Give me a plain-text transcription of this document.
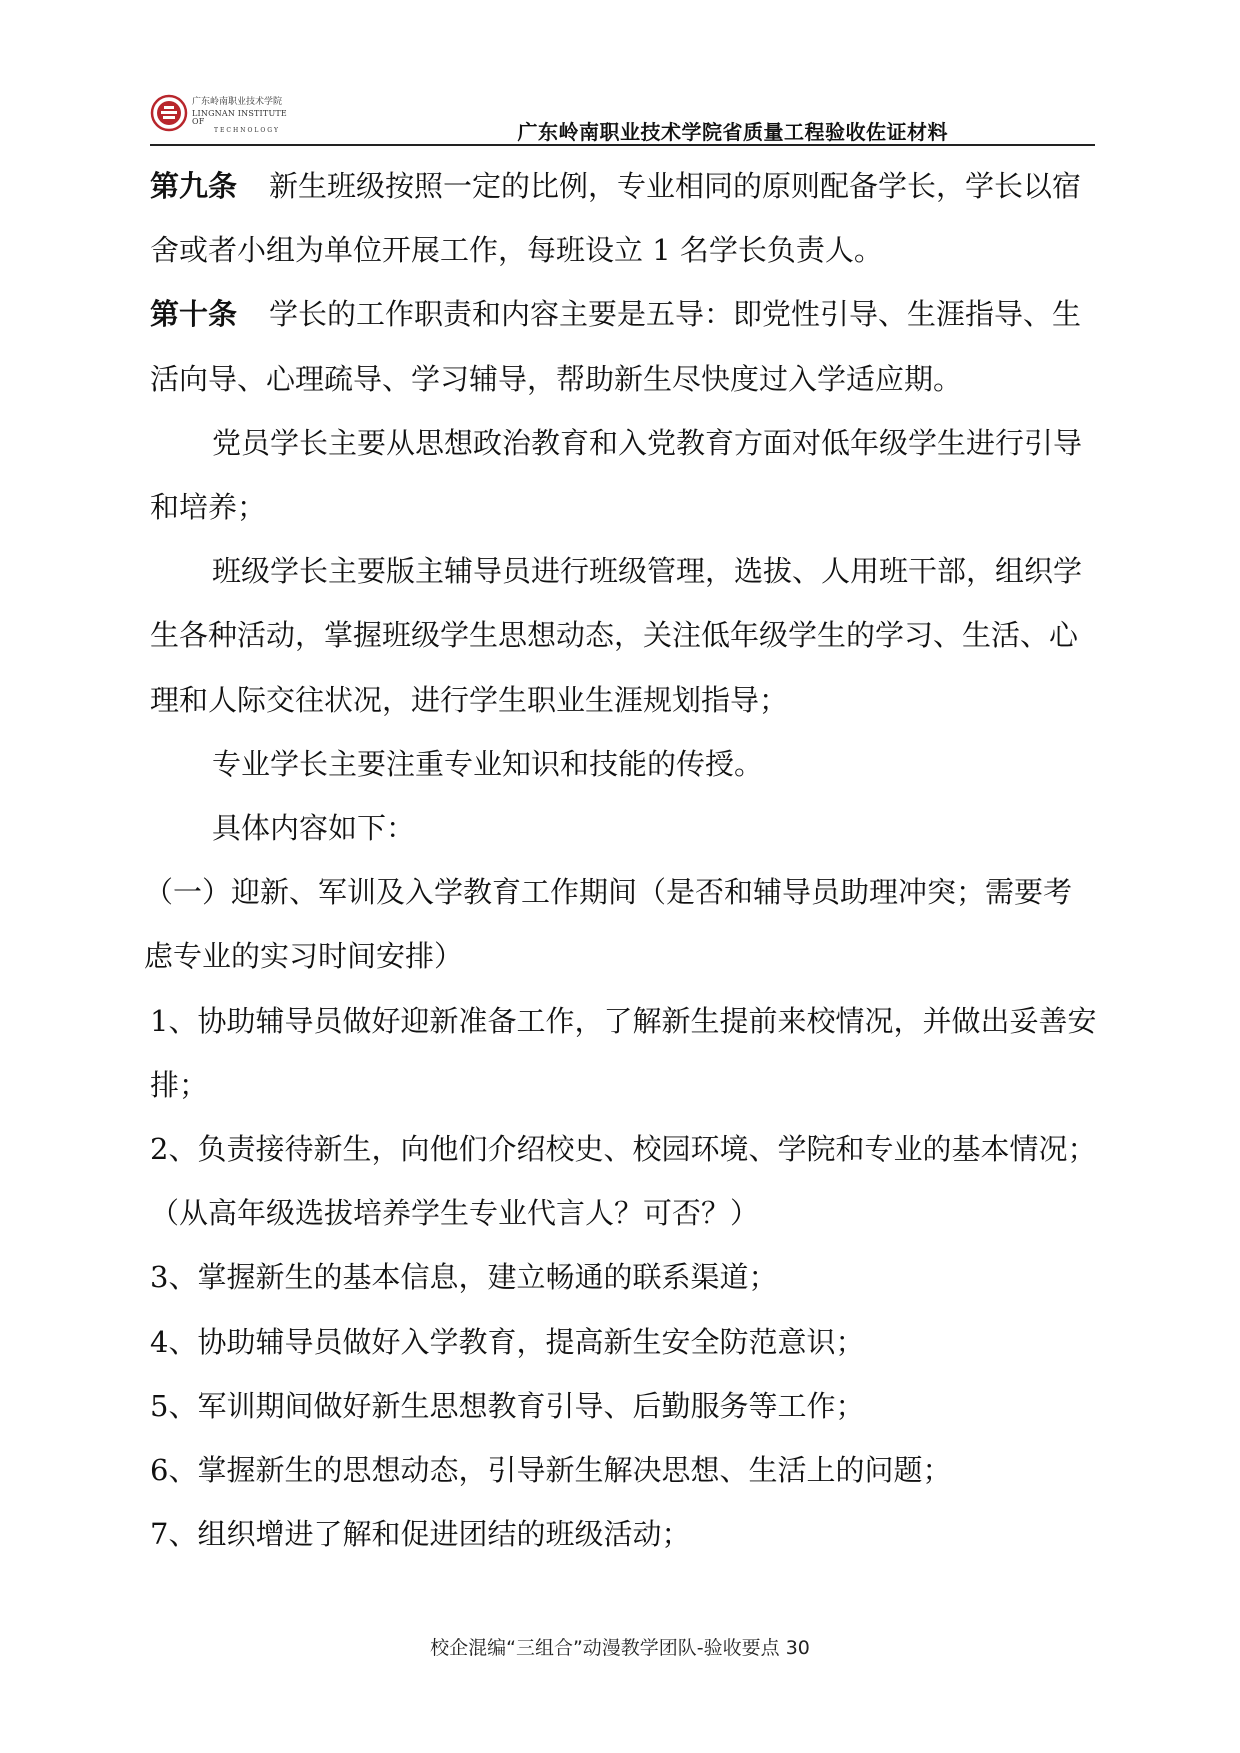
广东岭南职业技术学院
LINGNAN INSTITUTE OF
TECHNOLOGY	广东岭南职业技术学院省质量工程验收佐证材料

第九条 新生班级按照一定的比例，专业相同的原则配备学长，学长以宿舍或者小组为单位开展工作，每班设立 1 名学长负责人。

第十条 学长的工作职责和内容主要是五导：即党性引导、生涯指导、生活向导、心理疏导、学习辅导，帮助新生尽快度过入学适应期。

党员学长主要从思想政治教育和入党教育方面对低年级学生进行引导和培养；

班级学长主要版主辅导员进行班级管理，选拔、人用班干部，组织学生各种活动，掌握班级学生思想动态，关注低年级学生的学习、生活、心理和人际交往状况，进行学生职业生涯规划指导；

专业学长主要注重专业知识和技能的传授。

具体内容如下：

（一）迎新、军训及入学教育工作期间（是否和辅导员助理冲突；需要考虑专业的实习时间安排）

1、协助辅导员做好迎新准备工作，了解新生提前来校情况，并做出妥善安排；

2、负责接待新生，向他们介绍校史、校园环境、学院和专业的基本情况；（从高年级选拔培养学生专业代言人？可否？）

3、掌握新生的基本信息，建立畅通的联系渠道；

4、协助辅导员做好入学教育，提高新生安全防范意识；

5、军训期间做好新生思想教育引导、后勤服务等工作；

6、掌握新生的思想动态，引导新生解决思想、生活上的问题；

7、组织增进了解和促进团结的班级活动；

校企混编“三组合”动漫教学团队-验收要点 30
